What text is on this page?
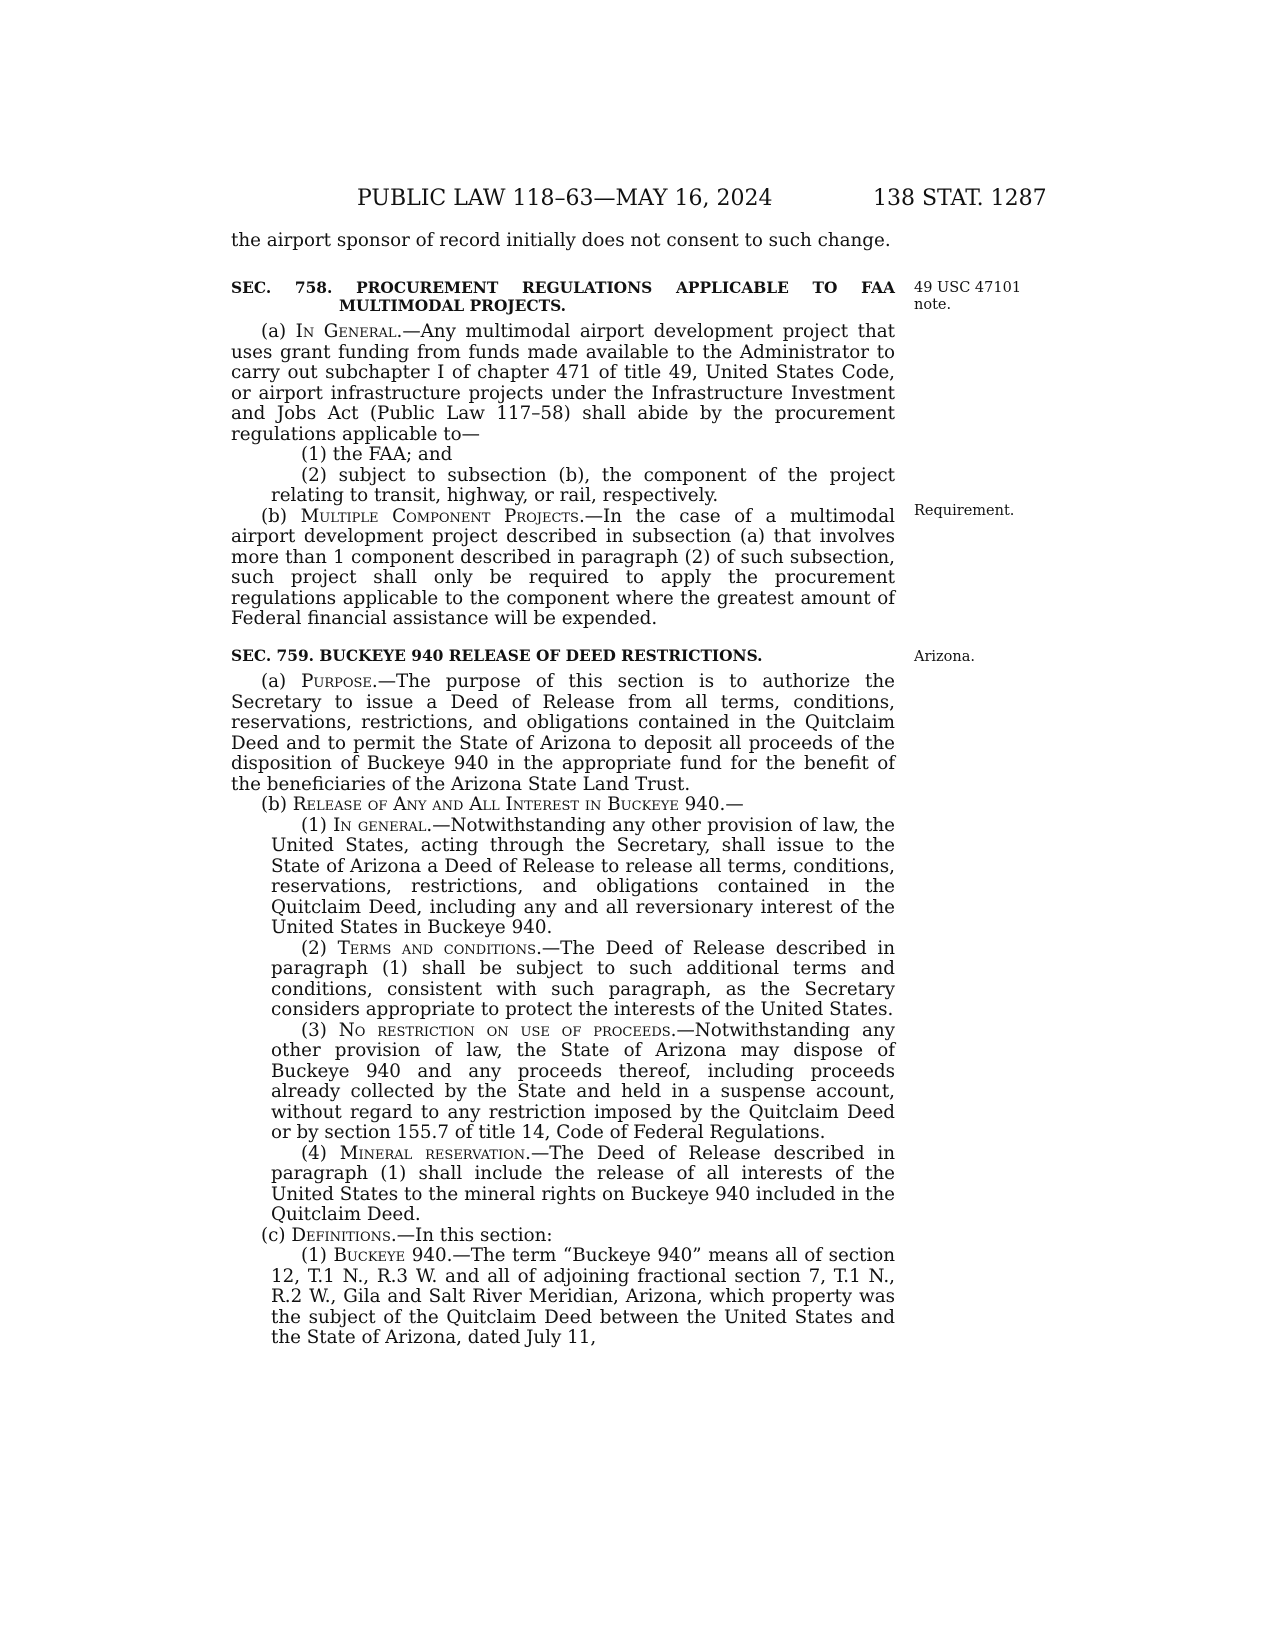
PUBLIC LAW 118–63—MAY 16, 2024	138 STAT. 1287
49 USC 47101
note.
Requirement.
Arizona.

the airport sponsor of record initially does not consent to such change.

SEC. 758. PROCUREMENT REGULATIONS APPLICABLE TO FAA

MULTIMODAL PROJECTS.

(a) In General.—Any multimodal airport development project that uses grant funding from funds made available to the Administrator to carry out subchapter I of chapter 471 of title 49, United States Code, or airport infrastructure projects under the Infrastructure Investment and Jobs Act (Public Law 117–58) shall abide by the procurement regulations applicable to—

(1) the FAA; and

(2) subject to subsection (b), the component of the project relating to transit, highway, or rail, respectively.

(b) Multiple Component Projects.—In the case of a multimodal airport development project described in subsection (a) that involves more than 1 component described in paragraph (2) of such subsection, such project shall only be required to apply the procurement regulations applicable to the component where the greatest amount of Federal financial assistance will be expended.

SEC. 759. BUCKEYE 940 RELEASE OF DEED RESTRICTIONS.

(a) Purpose.—The purpose of this section is to authorize the Secretary to issue a Deed of Release from all terms, conditions, reservations, restrictions, and obligations contained in the Quitclaim Deed and to permit the State of Arizona to deposit all proceeds of the disposition of Buckeye 940 in the appropriate fund for the benefit of the beneficiaries of the Arizona State Land Trust.

(b) Release of Any and All Interest in Buckeye 940.—

(1) In general.—Notwithstanding any other provision of law, the United States, acting through the Secretary, shall issue to the State of Arizona a Deed of Release to release all terms, conditions, reservations, restrictions, and obligations contained in the Quitclaim Deed, including any and all reversionary interest of the United States in Buckeye 940.

(2) Terms and conditions.—The Deed of Release described in paragraph (1) shall be subject to such additional terms and conditions, consistent with such paragraph, as the Secretary considers appropriate to protect the interests of the United States.

(3) No restriction on use of proceeds.—Notwithstanding any other provision of law, the State of Arizona may dispose of Buckeye 940 and any proceeds thereof, including proceeds already collected by the State and held in a suspense account, without regard to any restriction imposed by the Quitclaim Deed or by section 155.7 of title 14, Code of Federal Regulations.

(4) Mineral reservation.—The Deed of Release described in paragraph (1) shall include the release of all interests of the United States to the mineral rights on Buckeye 940 included in the Quitclaim Deed.

(c) Definitions.—In this section:

(1) Buckeye 940.—The term “Buckeye 940” means all of section 12, T.1 N., R.3 W. and all of adjoining fractional section 7, T.1 N., R.2 W., Gila and Salt River Meridian, Arizona, which property was the subject of the Quitclaim Deed between the United States and the State of Arizona, dated July 11,
